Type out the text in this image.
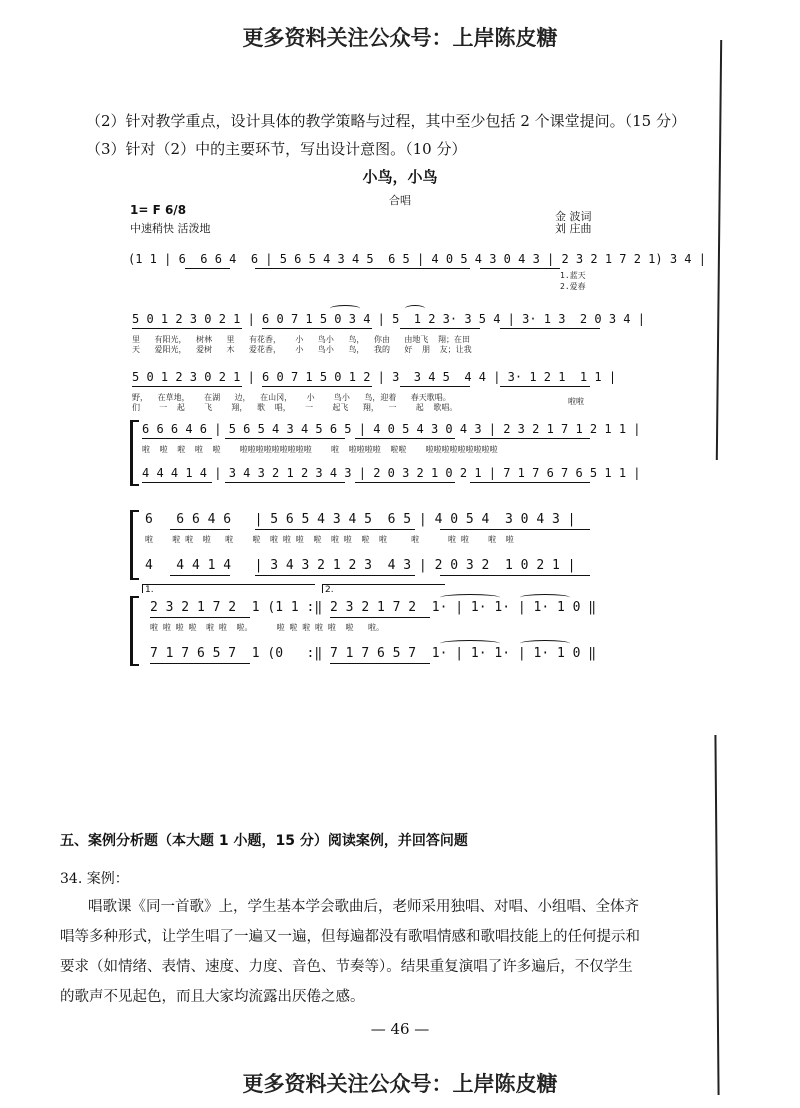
更多资料关注公众号：上岸陈皮糖
（2）针对教学重点，设计具体的教学策略与过程，其中至少包括 2 个课堂提问。（15 分）
（3）针对（2）中的主要环节，写出设计意图。（10 分）
小鸟，小鸟
合唱
1= F 6/8
中速稍快 活泼地
金 波词
刘 庄曲
(1 1 | 6  6 6 4  6 | 5 6 5 4 3 4 5  6 5 | 4 0 5 4 3 0 4 3 | 2 3 2 1 7 2 1) 3 4 |
1.蓝天 2.爱春
5 0 1 2 3 0 2 1 | 6 0 7 1 5 0 3 4 | 5  1 2 3· 3 5 4 | 3· 1 3  2 0 3 4 |
里   有阳光，  树林   里   有花香，   小   鸟小   鸟，  你由   由地飞  翔；在田
天   爱阳光，  爱树   木   爱花香，   小   鸟小   鸟，  我的   好  朋  友；让我
5 0 1 2 3 0 2 1 | 6 0 7 1 5 0 1 2 | 3  3 4 5  4 4 | 3· 1 2 1  1 1 |
野，  在草地，   在湖   边，  在山冈，   小    鸟小   鸟，迎着   春天歌唱。
们    一  起    飞    翔，  歌  唱，   一    起飞   翔，  一    起  歌唱。
啦啦
6 6 6 4 6 | 5 6 5 4 3 4 5 6 5 | 4 0 5 4 3 0 4 3 | 2 3 2 1 7 1 2 1 1 |
啦  啦  啦  啦  啦    啦啦啦啦啦啦啦啦啦    啦  啦啦啦啦  啦啦    啦啦啦啦啦啦啦啦啦
4 4 4 1 4 | 3 4 3 2 1 2 3 4 3 | 2 0 3 2 1 0 2 1 | 7 1 7 6 7 6 5 1 1 |
6   6 6 4 6   | 5 6 5 4 3 4 5  6 5 | 4 0 5 4  3 0 4 3 |
啦    啦 啦  啦   啦    啦  啦 啦 啦  啦  啦 啦  啦  啦     啦      啦 啦    啦  啦
4   4 4 1 4   | 3 4 3 2 1 2 3  4 3 | 2 0 3 2  1 0 2 1 |
1.	2.
2 3 2 1 7 2  1 (1 1 :‖ 2 3 2 1 7 2  1· | 1· 1· | 1· 1 0 ‖
啦 啦 啦 啦  啦 啦  啦。     啦 啦 啦 啦 啦  啦   啦。
7 1 7 6 5 7  1 (0   :‖ 7 1 7 6 5 7  1· | 1· 1· | 1· 1 0 ‖
五、案例分析题（本大题 1 小题，15 分）阅读案例，并回答问题
34. 案例：
唱歌课《同一首歌》上，学生基本学会歌曲后，老师采用独唱、对唱、小组唱、全体齐
唱等多种形式，让学生唱了一遍又一遍，但每遍都没有歌唱情感和歌唱技能上的任何提示和
要求（如情绪、表情、速度、力度、音色、节奏等）。结果重复演唱了许多遍后，不仅学生
的歌声不见起色，而且大家均流露出厌倦之感。
— 46 —
更多资料关注公众号：上岸陈皮糖
